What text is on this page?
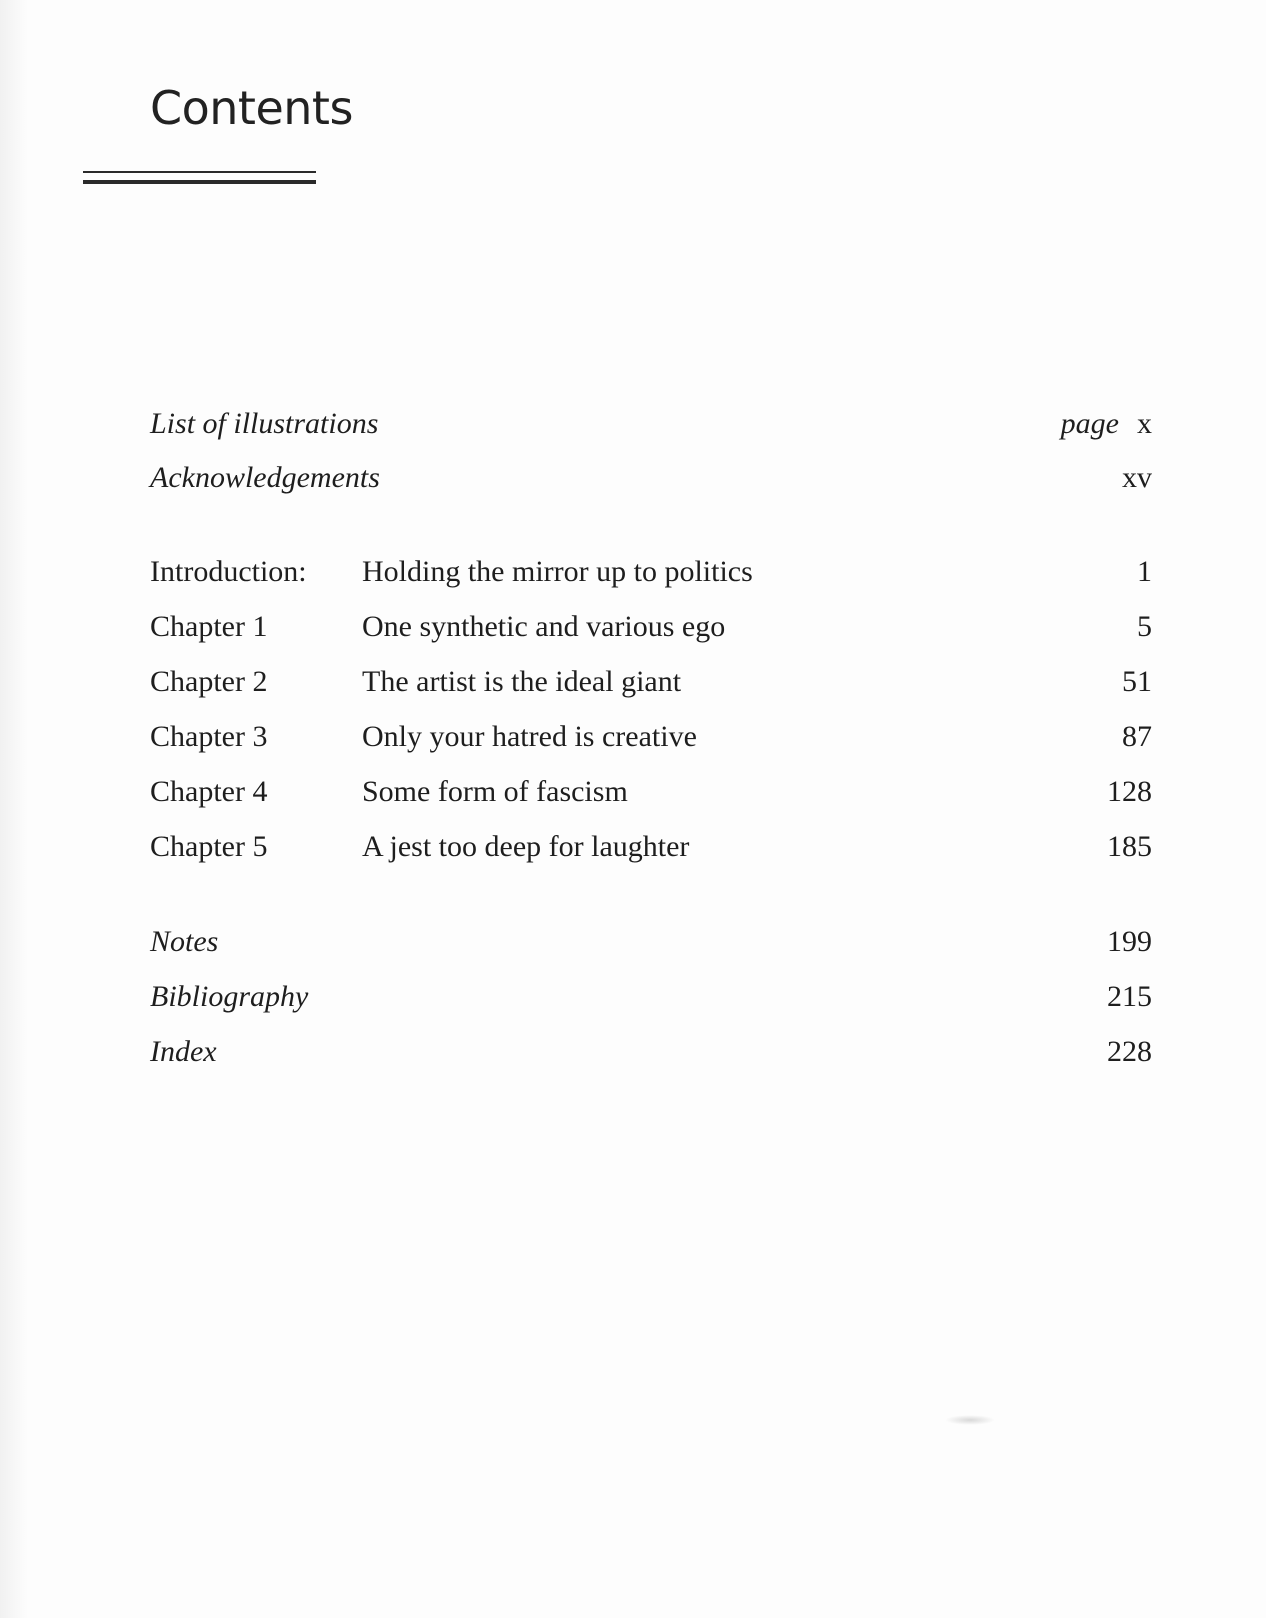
Contents
List of illustrations	page x
Acknowledgements	xv
Introduction: Holding the mirror up to politics	1
Chapter 1	One synthetic and various ego	5
Chapter 2	The artist is the ideal giant	51
Chapter 3	Only your hatred is creative	87
Chapter 4	Some form of fascism	128
Chapter 5	A jest too deep for laughter	185
Notes	199
Bibliography	215
Index	228
